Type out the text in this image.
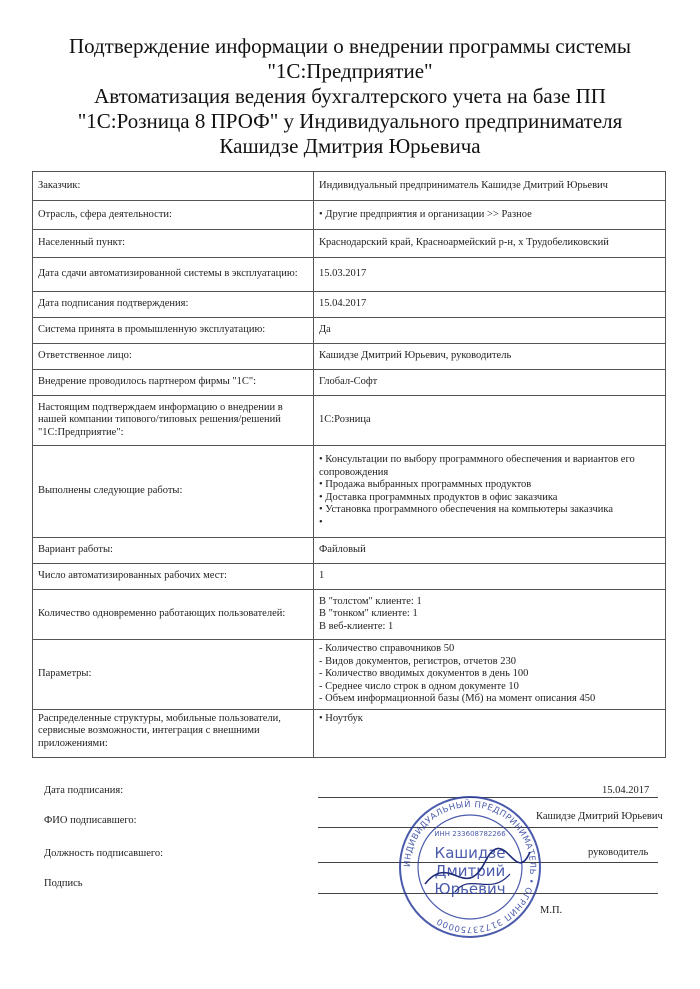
Подтверждение информации о внедрении программы системы
"1С:Предприятие"
Автоматизация ведения бухгалтерского учета на базе ПП
"1С:Розница 8 ПРОФ" у Индивидуального предпринимателя
Кашидзе Дмитрия Юрьевича
Заказчик:	Индивидуальный предприниматель Кашидзе Дмитрий Юрьевич

Отрасль, сфера деятельности:	• Другие предприятия и организации >> Разное

Населенный пункт:	Краснодарский край, Красноармейский р-н, х Трудобеликовский

Дата сдачи автоматизированной системы в эксплуатацию:	15.03.2017

Дата подписания подтверждения:	15.04.2017

Система принята в промышленную эксплуатацию:	Да

Ответственное лицо:	Кашидзе Дмитрий Юрьевич, руководитель

Внедрение проводилось партнером фирмы "1С":	Глобал-Софт

Настоящим подтверждаем информацию о внедрении в нашей компании типового/типовых решения/решений "1С:Предприятие":	1С:Розница

Выполнены следующие работы:	• Консультации по выбору программного обеспечения и вариантов его сопровождения
• Продажа выбранных программных продуктов
• Доставка программных продуктов в офис заказчика
• Установка программного обеспечения на компьютеры заказчика
•

Вариант работы:	Файловый

Число автоматизированных рабочих мест:	1

Количество одновременно работающих пользователей:	В "толстом" клиенте: 1
В "тонком" клиенте: 1
В веб-клиенте: 1

Параметры:	- Количество справочников 50
- Видов документов, регистров, отчетов 230
- Количество вводимых документов в день 100
- Среднее число строк в одном документе 10
- Объем информационной базы (Мб) на момент описания 450

Распределенные структуры, мобильные пользователи, сервисные возможности, интеграция с внешними приложениями:	• Ноутбук
Дата подписания:	15.04.2017
ФИО подписавшего:	Кашидзе Дмитрий Юрьевич
Должность подписавшего:	руководитель
Подпись
М.П.
ИНДИВИДУАЛЬНЫЙ ПРЕДПРИНИМАТЕЛЬ • ОГРНИП 31723750000
ИНН 233608782266
Кашидзе
Дмитрий
Юрьевич
